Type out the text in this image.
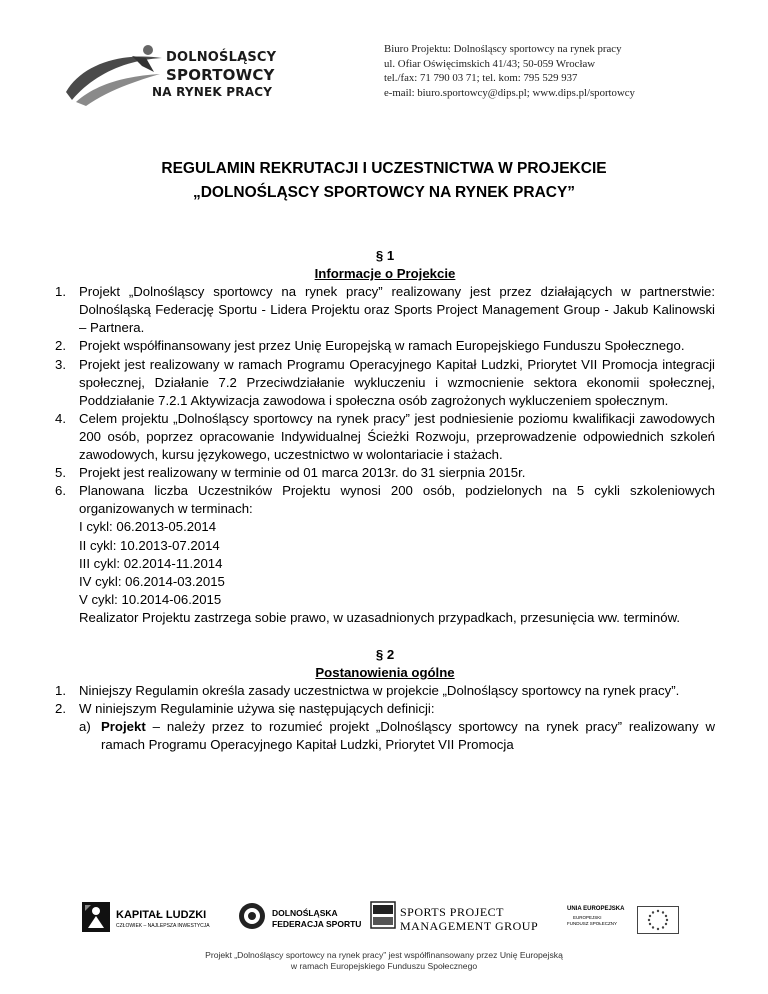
DOLNOŚLĄSCY
SPORTOWCY
NA RYNEK PRACY
Biuro Projektu: Dolnośląscy sportowcy na rynek pracy
ul. Ofiar Oświęcimskich 41/43; 50-059 Wrocław
tel./fax: 71 790 03 71; tel. kom: 795 529 937
e-mail: biuro.sportowcy@dips.pl; www.dips.pl/sportowcy
REGULAMIN REKRUTACJI I UCZESTNICTWA W PROJEKCIE
„DOLNOŚLĄSCY SPORTOWCY NA RYNEK PRACY”
§ 1
Informacje o Projekcie
1. Projekt „Dolnośląscy sportowcy na rynek pracy” realizowany jest przez działających w partnerstwie: Dolnośląską Federację Sportu - Lidera Projektu oraz Sports Project Management Group - Jakub Kalinowski – Partnera.

2. Projekt współfinansowany jest przez Unię Europejską w ramach Europejskiego Funduszu Społecznego.

3. Projekt jest realizowany w ramach Programu Operacyjnego Kapitał Ludzki, Priorytet VII Promocja integracji społecznej, Działanie 7.2 Przeciwdziałanie wykluczeniu i wzmocnienie sektora ekonomii społecznej, Poddziałanie 7.2.1 Aktywizacja zawodowa i społeczna osób zagrożonych wykluczeniem społecznym.

4. Celem projektu „Dolnośląscy sportowcy na rynek pracy” jest podniesienie poziomu kwalifikacji zawodowych 200 osób, poprzez opracowanie Indywidualnej Ścieżki Rozwoju, przeprowadzenie odpowiednich szkoleń zawodowych, kursu językowego, uczestnictwo w wolontariacie i stażach.

5. Projekt jest realizowany w terminie od 01 marca 2013r. do 31 sierpnia 2015r.

6. Planowana liczba Uczestników Projektu wynosi 200 osób, podzielonych na 5 cykli szkoleniowych organizowanych w terminach:

I cykl: 06.2013-05.2014
II cykl: 10.2013-07.2014
III cykl: 02.2014-11.2014
IV cykl: 06.2014-03.2015
V cykl: 10.2014-06.2015
Realizator Projektu zastrzega sobie prawo, w uzasadnionych przypadkach, przesunięcia ww. terminów.
§ 2
Postanowienia ogólne
1. Niniejszy Regulamin określa zasady uczestnictwa w projekcie „Dolnośląscy sportowcy na rynek pracy”.

2. W niniejszym Regulaminie używa się następujących definicji:

a) Projekt – należy przez to rozumieć projekt „Dolnośląscy sportowcy na rynek pracy” realizowany w ramach Programu Operacyjnego Kapitał Ludzki, Priorytet VII Promocja

KAPITAŁ LUDZKI
CZŁOWIEK – NAJLEPSZA INWESTYCJA
DOLNOŚLĄSKA
FEDERACJA SPORTU
SPORTS PROJECT
MANAGEMENT GROUP
UNIA EUROPEJSKA
EUROPEJSKI
FUNDUSZ SPOŁECZNY
Projekt „Dolnośląscy sportowcy na rynek pracy” jest współfinansowany przez Unię Europejską
w ramach Europejskiego Funduszu Społecznego
